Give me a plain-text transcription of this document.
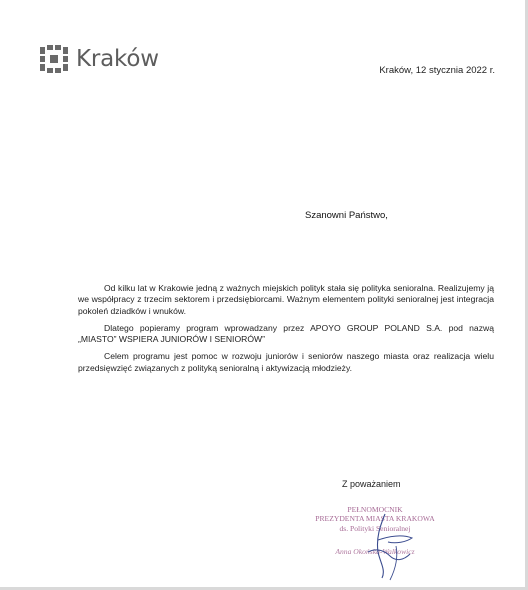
Kraków	Kraków, 12 stycznia 2022 r.
Szanowni Państwo,

Od kilku lat w Krakowie jedną z ważnych miejskich polityk stała się polityka senioralna. Realizujemy ją we współpracy z trzecim sektorem i przedsiębiorcami. Ważnym elementem polityki senioralnej jest integracja pokoleń dziadków i wnuków.

Dlatego popieramy program wprowadzany przez APOYO GROUP POLAND S.A. pod nazwą „MIASTO” WSPIERA JUNIORÓW I SENIORÓW”

Celem programu jest pomoc w rozwoju juniorów i seniorów naszego miasta oraz realizacja wielu przedsięwzięć związanych z polityką senioralną i aktywizacją młodzieży.

Z poważaniem
PEŁNOMOCNIK
PREZYDENTA MIASTA KRAKOWA
ds. Polityki Senioralnej
Anna Okońska-Walkowicz
